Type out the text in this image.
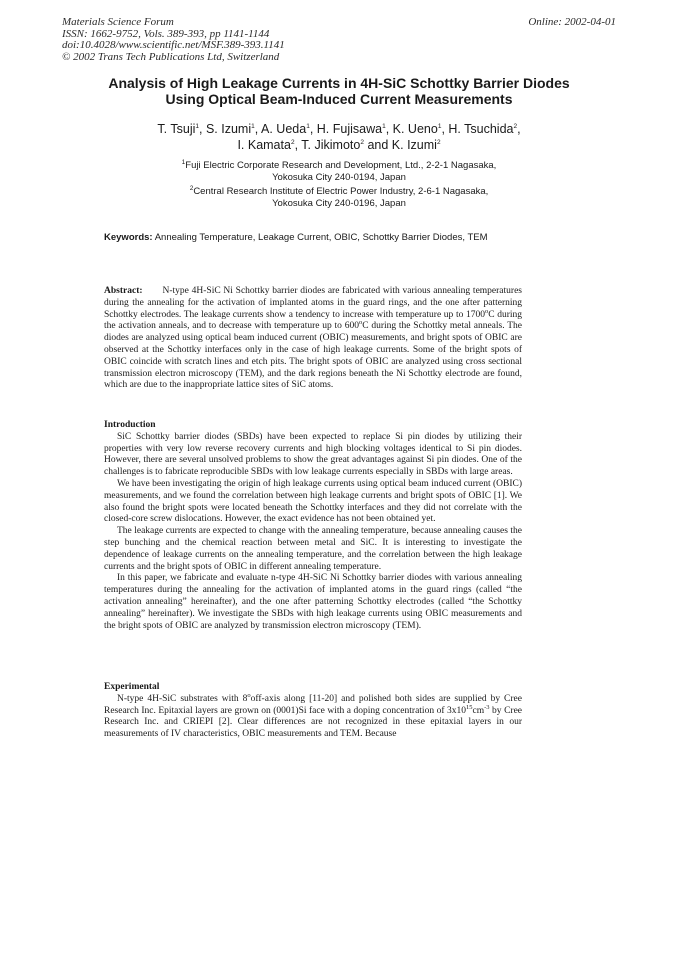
Materials Science Forum
ISSN: 1662-9752, Vols. 389-393, pp 1141-1144
doi:10.4028/www.scientific.net/MSF.389-393.1141
© 2002 Trans Tech Publications Ltd, Switzerland
Online: 2002-04-01
Analysis of High Leakage Currents in 4H-SiC Schottky Barrier Diodes
Using Optical Beam-Induced Current Measurements
T. Tsuji$^1$, S. Izumi$^1$, A. Ueda$^1$, H. Fujisawa$^1$, K. Ueno$^1$, H. Tsuchida$^2$,
I. Kamata$^2$, T. Jikimoto$^2$ and K. Izumi$^2$
$^1$Fuji Electric Corporate Research and Development, Ltd., 2-2-1 Nagasaka,
Yokosuka City 240-0194, Japan
$^2$Central Research Institute of Electric Power Industry, 2-6-1 Nagasaka,
Yokosuka City 240-0196, Japan
Keywords: Annealing Temperature, Leakage Current, OBIC, Schottky Barrier Diodes, TEM
Abstract: N-type 4H-SiC Ni Schottky barrier diodes are fabricated with various annealing temperatures during the annealing for the activation of implanted atoms in the guard rings, and the one after patterning Schottky electrodes. The leakage currents show a tendency to increase with temperature up to 1700$^o$C during the activation anneals, and to decrease with temperature up to 600$^o$C during the Schottky metal anneals. The diodes are analyzed using optical beam induced current (OBIC) measurements, and bright spots of OBIC are observed at the Schottky interfaces only in the case of high leakage currents. Some of the bright spots of OBIC coincide with scratch lines and etch pits. The bright spots of OBIC are analyzed using cross sectional transmission electron microscopy (TEM), and the dark regions beneath the Ni Schottky electrode are found, which are due to the inappropriate lattice sites of SiC atoms.
Introduction

SiC Schottky barrier diodes (SBDs) have been expected to replace Si pin diodes by utilizing their properties with very low reverse recovery currents and high blocking voltages identical to Si pin diodes. However, there are several unsolved problems to show the great advantages against Si pin diodes. One of the challenges is to fabricate reproducible SBDs with low leakage currents especially in SBDs with large areas.

We have been investigating the origin of high leakage currents using optical beam induced current (OBIC) measurements, and we found the correlation between high leakage currents and bright spots of OBIC [1]. We also found the bright spots were located beneath the Schottky interfaces and they did not correlate with the closed-core screw dislocations. However, the exact evidence has not been obtained yet.

The leakage currents are expected to change with the annealing temperature, because annealing causes the step bunching and the chemical reaction between metal and SiC. It is interesting to investigate the dependence of leakage currents on the annealing temperature, and the correlation between the high leakage currents and the bright spots of OBIC in different annealing temperature.

In this paper, we fabricate and evaluate n-type 4H-SiC Ni Schottky barrier diodes with various annealing temperatures during the annealing for the activation of implanted atoms in the guard rings (called “the activation annealing” hereinafter), and the one after patterning Schottky electrodes (called “the Schottky annealing” hereinafter). We investigate the SBDs with high leakage currents using OBIC measurements and the bright spots of OBIC are analyzed by transmission electron microscopy (TEM).

Experimental

N-type 4H-SiC substrates with 8$^o$off-axis along [11-20] and polished both sides are supplied by Cree Research Inc. Epitaxial layers are grown on (0001)Si face with a doping concentration of $3x10^{15}cm^{-3}$ by Cree Research Inc. and CRIEPI [2]. Clear differences are not recognized in these epitaxial layers in our measurements of IV characteristics, OBIC measurements and TEM. Because
